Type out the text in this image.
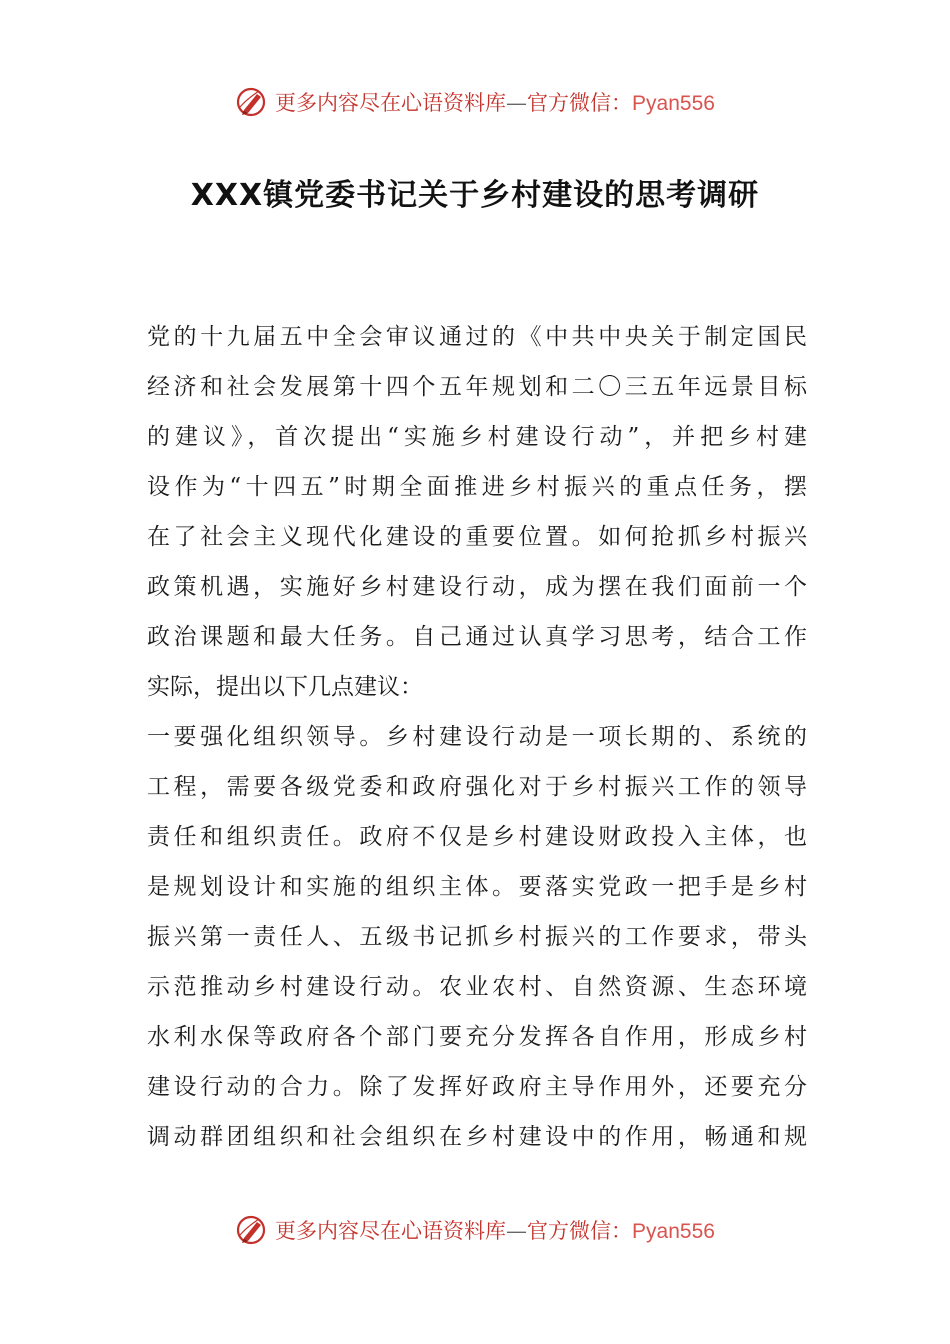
更多内容尽在心语资料库—官方微信：Pyan556
XXX镇党委书记关于乡村建设的思考调研
党的十九届五中全会审议通过的《中共中央关于制定国民
经济和社会发展第十四个五年规划和二〇三五年远景目标
的建议》，首次提出“实施乡村建设行动”，并把乡村建
设作为“十四五”时期全面推进乡村振兴的重点任务，摆
在了社会主义现代化建设的重要位置。如何抢抓乡村振兴
政策机遇，实施好乡村建设行动，成为摆在我们面前一个
政治课题和最大任务。自己通过认真学习思考，结合工作
实际，提出以下几点建议：
一要强化组织领导。乡村建设行动是一项长期的、系统的
工程，需要各级党委和政府强化对于乡村振兴工作的领导
责任和组织责任。政府不仅是乡村建设财政投入主体，也
是规划设计和实施的组织主体。要落实党政一把手是乡村
振兴第一责任人、五级书记抓乡村振兴的工作要求，带头
示范推动乡村建设行动。农业农村、自然资源、生态环境
水利水保等政府各个部门要充分发挥各自作用，形成乡村
建设行动的合力。除了发挥好政府主导作用外，还要充分
调动群团组织和社会组织在乡村建设中的作用，畅通和规
更多内容尽在心语资料库—官方微信：Pyan556
